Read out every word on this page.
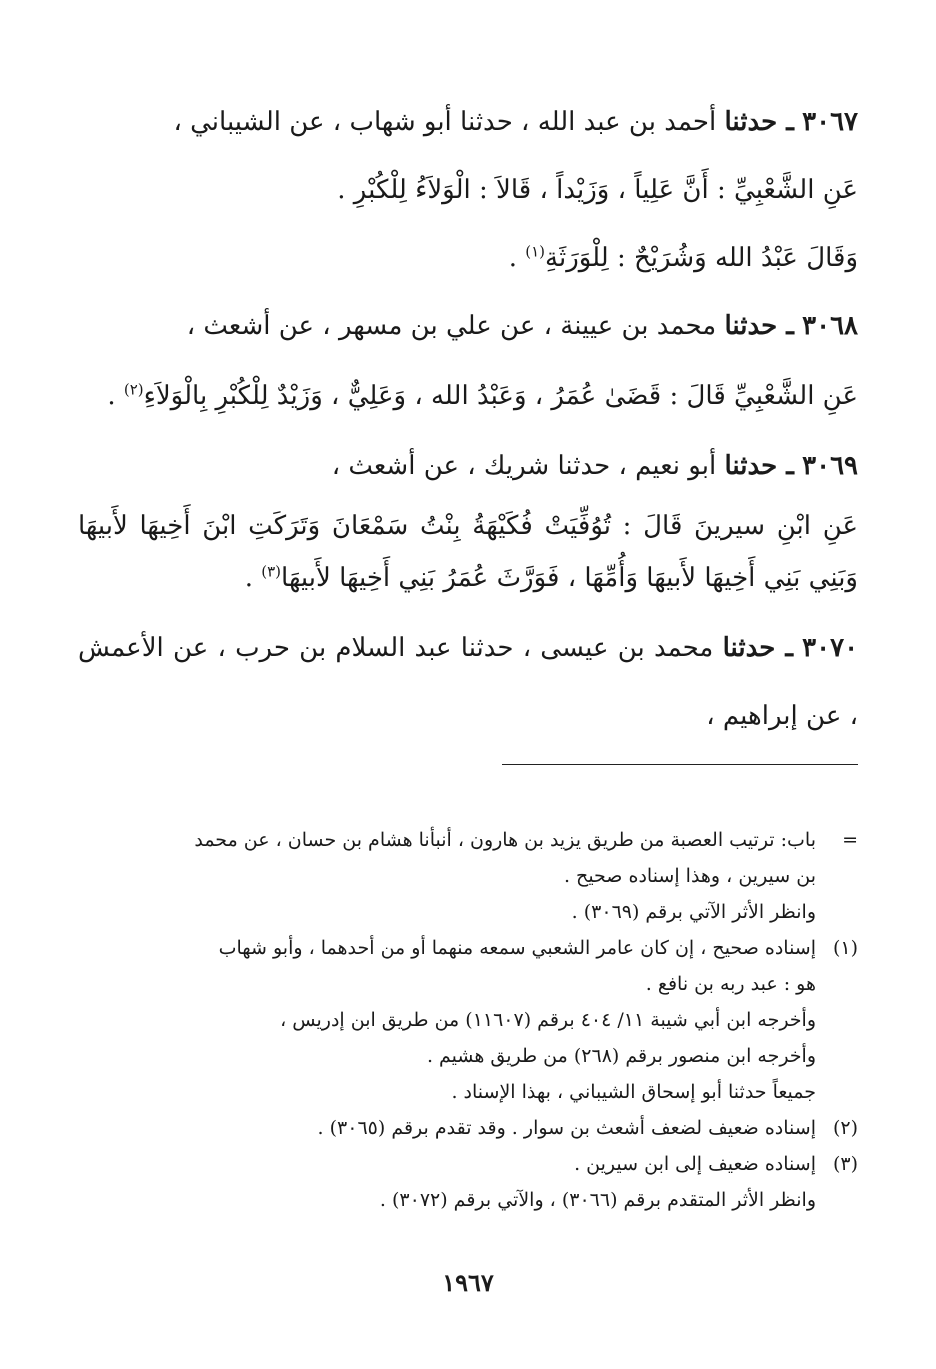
٣٠٦٧ ـ حدثنا أحمد بن عبد الله ، حدثنا أبو شهاب ، عن الشيباني ،

عَنِ الشَّعْبِيِّ : أَنَّ عَلِياً ، وَزَيْداً ، قَالاَ : الْوَلاَءُ لِلْكُبْرِ .

وَقَالَ عَبْدُ الله وَشُرَيْحٌ : لِلْوَرَثَةِ$^{(١)}$ .

٣٠٦٨ ـ حدثنا محمد بن عيينة ، عن علي بن مسهر ، عن أشعث ،

عَنِ الشَّعْبِيِّ قَالَ : قَضَىٰ عُمَرُ ، وَعَبْدُ الله ، وَعَلِيٌّ ، وَزَيْدٌ لِلْكُبْرِ بِالْوَلاَءِ$^{(٢)}$ .

٣٠٦٩ ـ حدثنا أبو نعيم ، حدثنا شريك ، عن أشعث ،

عَنِ ابْنِ سيرينَ قَالَ : تُوُفِّيَتْ فُكَيْهَةُ بِنْتُ سَمْعَانَ وَتَرَكَتِ ابْنَ أَخِيهَا لأَبيهَا وَبَنِي بَنِي أَخِيهَا لأَبيهَا وَأُمِّهَا ، فَوَرَّثَ عُمَرُ بَنِي أَخِيهَا لأَبيهَا$^{(٣)}$ .

٣٠٧٠ ـ حدثنا محمد بن عيسى ، حدثنا عبد السلام بن حرب ، عن الأعمش ، عن إبراهيم ،

=
باب: ترتيب العصبة من طريق يزيد بن هارون ، أنبأنا هشام بن حسان ، عن محمد
بن سيرين ، وهذا إسناده صحيح .
وانظر الأثر الآتي برقم (٣٠٦٩) .
(١)
إسناده صحيح ، إن كان عامر الشعبي سمعه منهما أو من أحدهما ، وأبو شهاب
هو : عبد ربه بن نافع .
وأخرجه ابن أبي شيبة ١١/ ٤٠٤ برقم (١١٦٠٧) من طريق ابن إدريس ،
وأخرجه ابن منصور برقم (٢٦٨) من طريق هشيم .
جميعاً حدثنا أبو إسحاق الشيباني ، بهذا الإسناد .
(٢)
إسناده ضعيف لضعف أشعث بن سوار . وقد تقدم برقم (٣٠٦٥) .
(٣)
إسناده ضعيف إلى ابن سيرين .
وانظر الأثر المتقدم برقم (٣٠٦٦) ، والآتي برقم (٣٠٧٢) .
١٩٦٧
